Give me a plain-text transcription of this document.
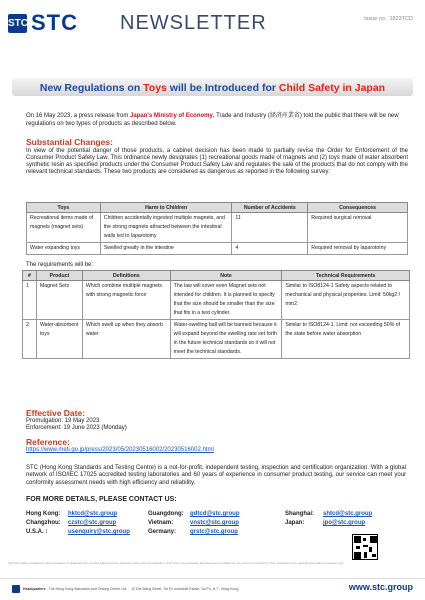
STC STC NEWSLETTER	Issue no.: 1823TCD
New Regulations on Toys will be Introduced for Child Safety in Japan
On 16 May 2023, a press release from Japan's Ministry of Economy, Trade and Industry (経済産業省) told the public that there will be new regulations on two types of products as described below.
Substantial Changes:
In view of the potential danger of those products, a cabinet decision has been made to partially revise the Order for Enforcement of the Consumer Product Safety Law. This ordinance newly designates (1) recreational goods made of magnets and (2) toys made of water absorbent synthetic resin as specified products under the Consumer Product Safety Law and regulates the sale of the products that do not comply with the relevant technical standards. These two products are considered as dangerous as reported in the following survey:
Toys	Harm to Children	Number of Accidents	Consequences
Recreational items made of magnets (magnet sets)	Children accidentally ingested multiple magnets, and the strong magnets attracted between the intestinal walls led to laparotomy	11	Required surgical removal
Water expanding toys	Swelled greatly in the intestine	4	Required removal by laparotomy
The requirements will be:
#	Product	Definitions	Note	Technical Requirements
1	Magnet Sets	Which combine multiple magnets with strong magnetic force	The law will cover even Magnet sets not intended for children. It is planned to specify that the size should be smaller than the size that fits in a test cylinder.	Similar to ISO8124-1 Safety aspects related to mechanical and physical properties. Limit: 50kg2 / mm2.
2	Water-absorbent toys	Which swell up when they absorb water	Water-swelling ball will be banned because it will expand beyond the swelling rate set forth in the future technical standards so it will not meet the technical standards.	Similar to ISO8124-1. Limit: not exceeding 50% of the state before water absorption
Effective Date:
Promulgation: 19 May 2023
Enforcement: 19 June 2023 (Monday)
Reference:
https://www.meti.go.jp/press/2023/05/20230516002/20230516002.html
STC (Hong Kong Standards and Testing Centre) is a not-for-profit, independent testing, inspection and certification organization. With a global network of ISO/IEC 17025 accredited testing laboratories and 60 years of experience in consumer product testing, our service can meet your conformity assessment needs with high efficiency and reliability.
FOR MORE DETAILS, PLEASE CONTACT US:
Hong Kong: hktcd@stc.group
Changzhou: czstc@stc.group
U.S.A. :	usenquiry@stc.group
Guangdong: gdtcd@stc.group
Vietnam:	vnstc@stc.group
Germany: grstc@stc.group
Shanghai: shtcd@stc.group
Japan:	jpo@stc.group
The information contained in this newsletter is obtained from sources believed to be accurate at the time of publication. STC does not guarantee and assumes no liability for any errors or omissions. This newsletter is for general information purposes only.
Headquarters - The Hong Kong Standards and Testing Centre Ltd. 10 Dai Wang Street, Tai Po Industrial Estate, Tai Po, N.T., Hong Kong	www.stc.group
